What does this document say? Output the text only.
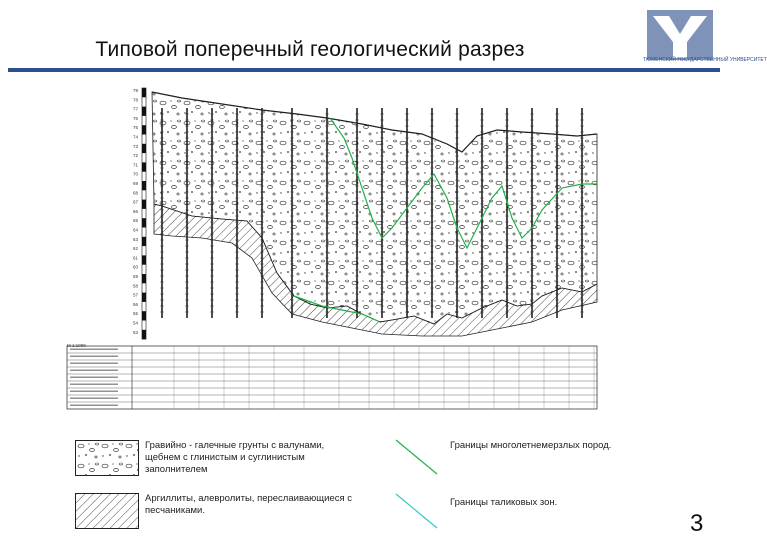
Типовой поперечный геологический разрез	ТЮМЕНСКИЙ ГОСУДАРСТВЕННЫЙ УНИВЕРСИТЕТ
79
78
77
76
75
74
73
72
71
70
69
68
67
66
65
64
63
62
61
60
59
58
57
56
55
54
53
M 1:1000
Гравийно - галечные грунты с валунами, щебнем с глинистым и суглинистым заполнителем
Аргиллиты, алевролиты, переслаивающиеся с песчаниками.
Границы многолетнемерзлых пород.
Границы таликовых зон.
3
